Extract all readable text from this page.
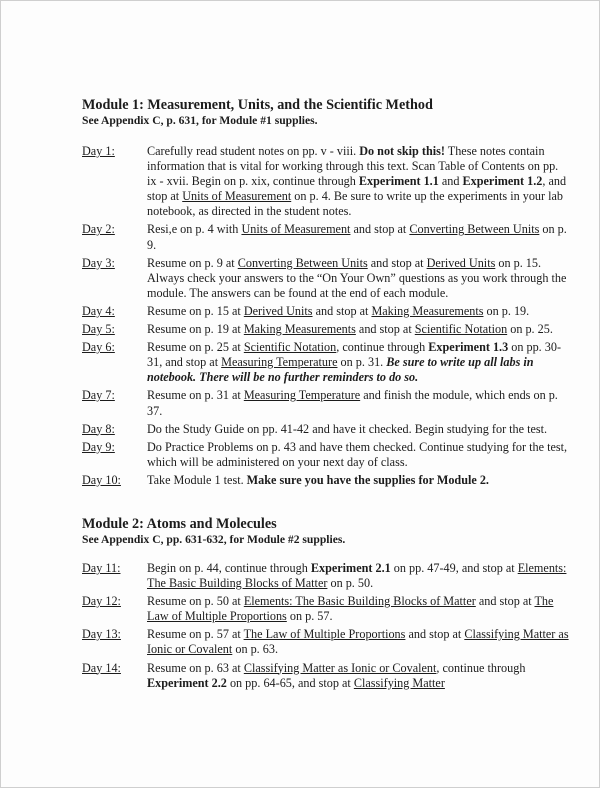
Module 1: Measurement, Units, and the Scientific Method
See Appendix C, p. 631, for Module #1 supplies.
Day 1:	Carefully read student notes on pp. v - viii. Do not skip this! These notes contain information that is vital for working through this text. Scan Table of Contents on pp. ix - xvii. Begin on p. xix, continue through Experiment 1.1 and Experiment 1.2, and stop at Units of Measurement on p. 4. Be sure to write up the experiments in your lab notebook, as directed in the student notes.
Day 2:	Resi,e on p. 4 with Units of Measurement and stop at Converting Between Units on p. 9.
Day 3:	Resume on p. 9 at Converting Between Units and stop at Derived Units on p. 15. Always check your answers to the “On Your Own” questions as you work through the module. The answers can be found at the end of each module.
Day 4:	Resume on p. 15 at Derived Units and stop at Making Measurements on p. 19.
Day 5:	Resume on p. 19 at Making Measurements and stop at Scientific Notation on p. 25.
Day 6:	Resume on p. 25 at Scientific Notation, continue through Experiment 1.3 on pp. 30-31, and stop at Measuring Temperature on p. 31. Be sure to write up all labs in notebook. There will be no further reminders to do so.
Day 7:	Resume on p. 31 at Measuring Temperature and finish the module, which ends on p. 37.
Day 8:	Do the Study Guide on pp. 41-42 and have it checked. Begin studying for the test.
Day 9:	Do Practice Problems on p. 43 and have them checked. Continue studying for the test, which will be administered on your next day of class.
Day 10:	Take Module 1 test. Make sure you have the supplies for Module 2.
Module 2: Atoms and Molecules
See Appendix C, pp. 631-632, for Module #2 supplies.
Day 11:	Begin on p. 44, continue through Experiment 2.1 on pp. 47-49, and stop at Elements: The Basic Building Blocks of Matter on p. 50.
Day 12:	Resume on p. 50 at Elements: The Basic Building Blocks of Matter and stop at The Law of Multiple Proportions on p. 57.
Day 13:	Resume on p. 57 at The Law of Multiple Proportions and stop at Classifying Matter as Ionic or Covalent on p. 63.
Day 14:	Resume on p. 63 at Classifying Matter as Ionic or Covalent, continue through Experiment 2.2 on pp. 64-65, and stop at Classifying Matter
